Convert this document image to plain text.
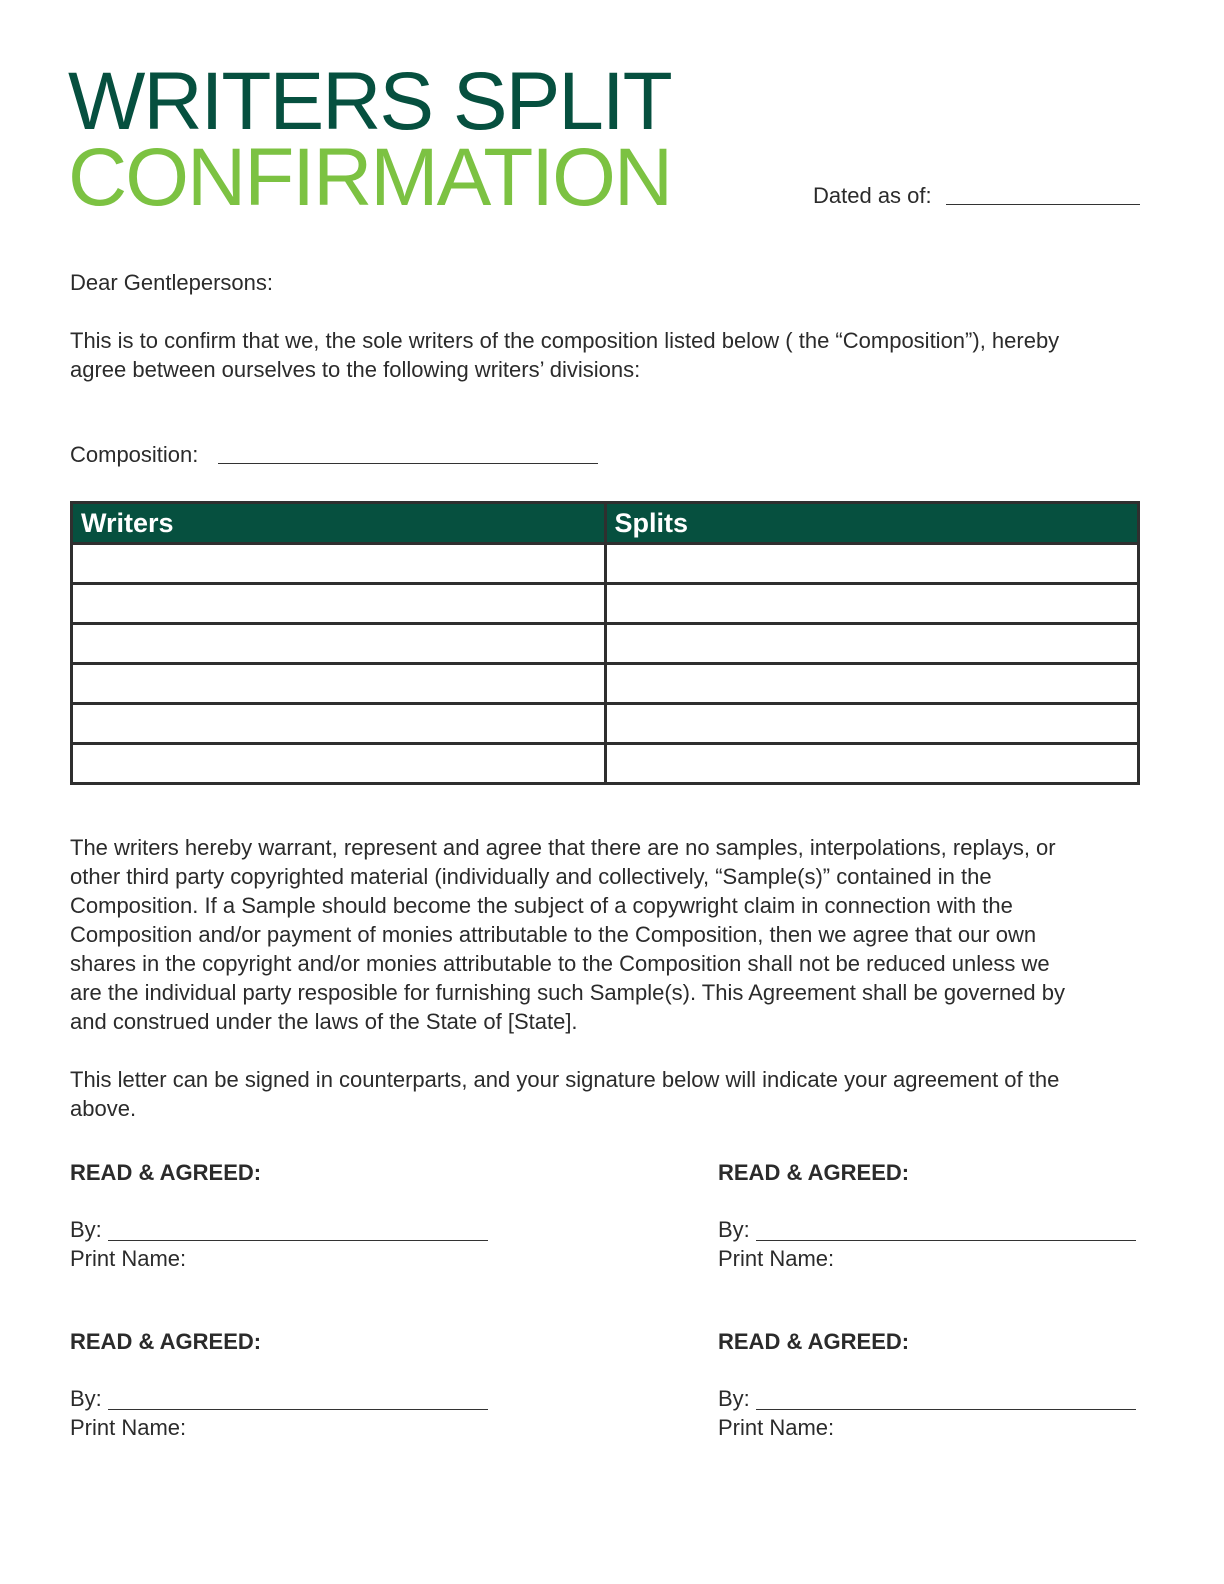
WRITERS SPLIT
CONFIRMATION	Dated as of:
Dear Gentlepersons:
This is to confirm that we, the sole writers of the composition listed below ( the “Composition”), hereby agree between ourselves to the following writers’ divisions:
Composition:
Writers	Splits

The writers hereby warrant, represent and agree that there are no samples, interpolations, replays, or other third party copyrighted material (individually and collectively, “Sample(s)” contained in the Composition. If a Sample should become the subject of a copywright claim in connection with the Composition and/or payment of monies attributable to the Composition, then we agree that our own shares in the copyright and/or monies attributable to the Composition shall not be reduced unless we are the individual party resposible for furnishing such Sample(s). This Agreement shall be governed by and construed under the laws of the State of [State].
This letter can be signed in counterparts, and your signature below will indicate your agreement of the above.
READ & AGREED:
By:
Print Name:
READ & AGREED:
By:
Print Name:
READ & AGREED:
By:
Print Name:
READ & AGREED:
By:
Print Name:
